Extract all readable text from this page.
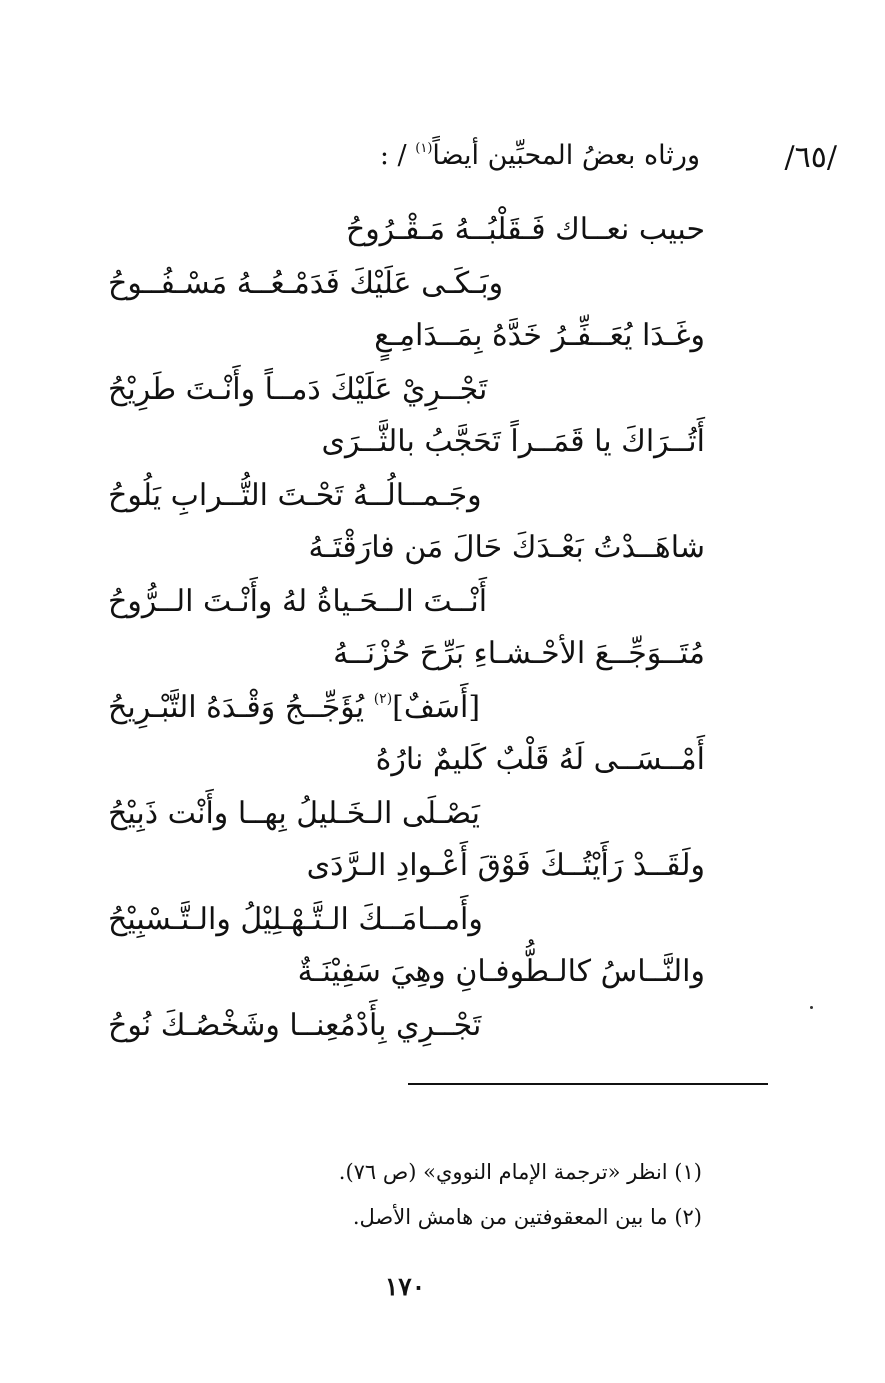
/٦٥/
ورثاه بعضُ المحبِّين أيضاً$^{(١)}$ / :
حبيب نعــاك فَـقَلْبُــهُ مَـقْـرُوحُ
وبَـكَـى عَلَيْكَ فَدَمْـعُــهُ مَسْـفُــوحُ
وغَـدَا يُعَــفِّـرُ خَدَّهُ بِمَــدَامِـعٍ
تَجْــرِيْ عَلَيْكَ دَمــاً وأَنْـتَ طَرِيْحُ
أَتُــرَاكَ يا قَمَــراً تَحَجَّبُ بالثَّــرَى
وجَـمــالُــهُ تَحْـتَ التُّــرابِ يَلُوحُ
شاهَــدْتُ بَعْـدَكَ حَالَ مَن فارَقْتَـهُ
أَنْــتَ الــحَـياةُ لهُ وأَنْـتَ الــرُّوحُ
مُتَــوَجِّــعَ الأحْـشـاءِ بَرِّحَ حُزْنَــهُ
[أَسَفٌ]$^{(٢)}$ يُؤَجِّــجُ وَقْـدَهُ التَّبْـرِيحُ
أَمْــسَــى لَهُ قَلْبٌ كَليمٌ نارُهُ
يَصْـلَى الـخَـليلُ بِهــا وأَنْت ذَبِيْحُ
ولَقَــدْ رَأَيْتُــكَ فَوْقَ أَعْـوادِ الـرَّدَى
وأَمــامَــكَ الـتَّـهْـلِيْلُ والـتَّـسْبِيْحُ
والنَّــاسُ كالـطُّوفـانِ وهِيَ سَفِيْنَـةٌ
تَجْــرِي بِأَدْمُعِنــا وشَخْصُـكَ نُوحُ
(١) انظر «ترجمة الإمام النووي» (ص ٧٦).
(٢) ما بين المعقوفتين من هامش الأصل.
١٧٠
